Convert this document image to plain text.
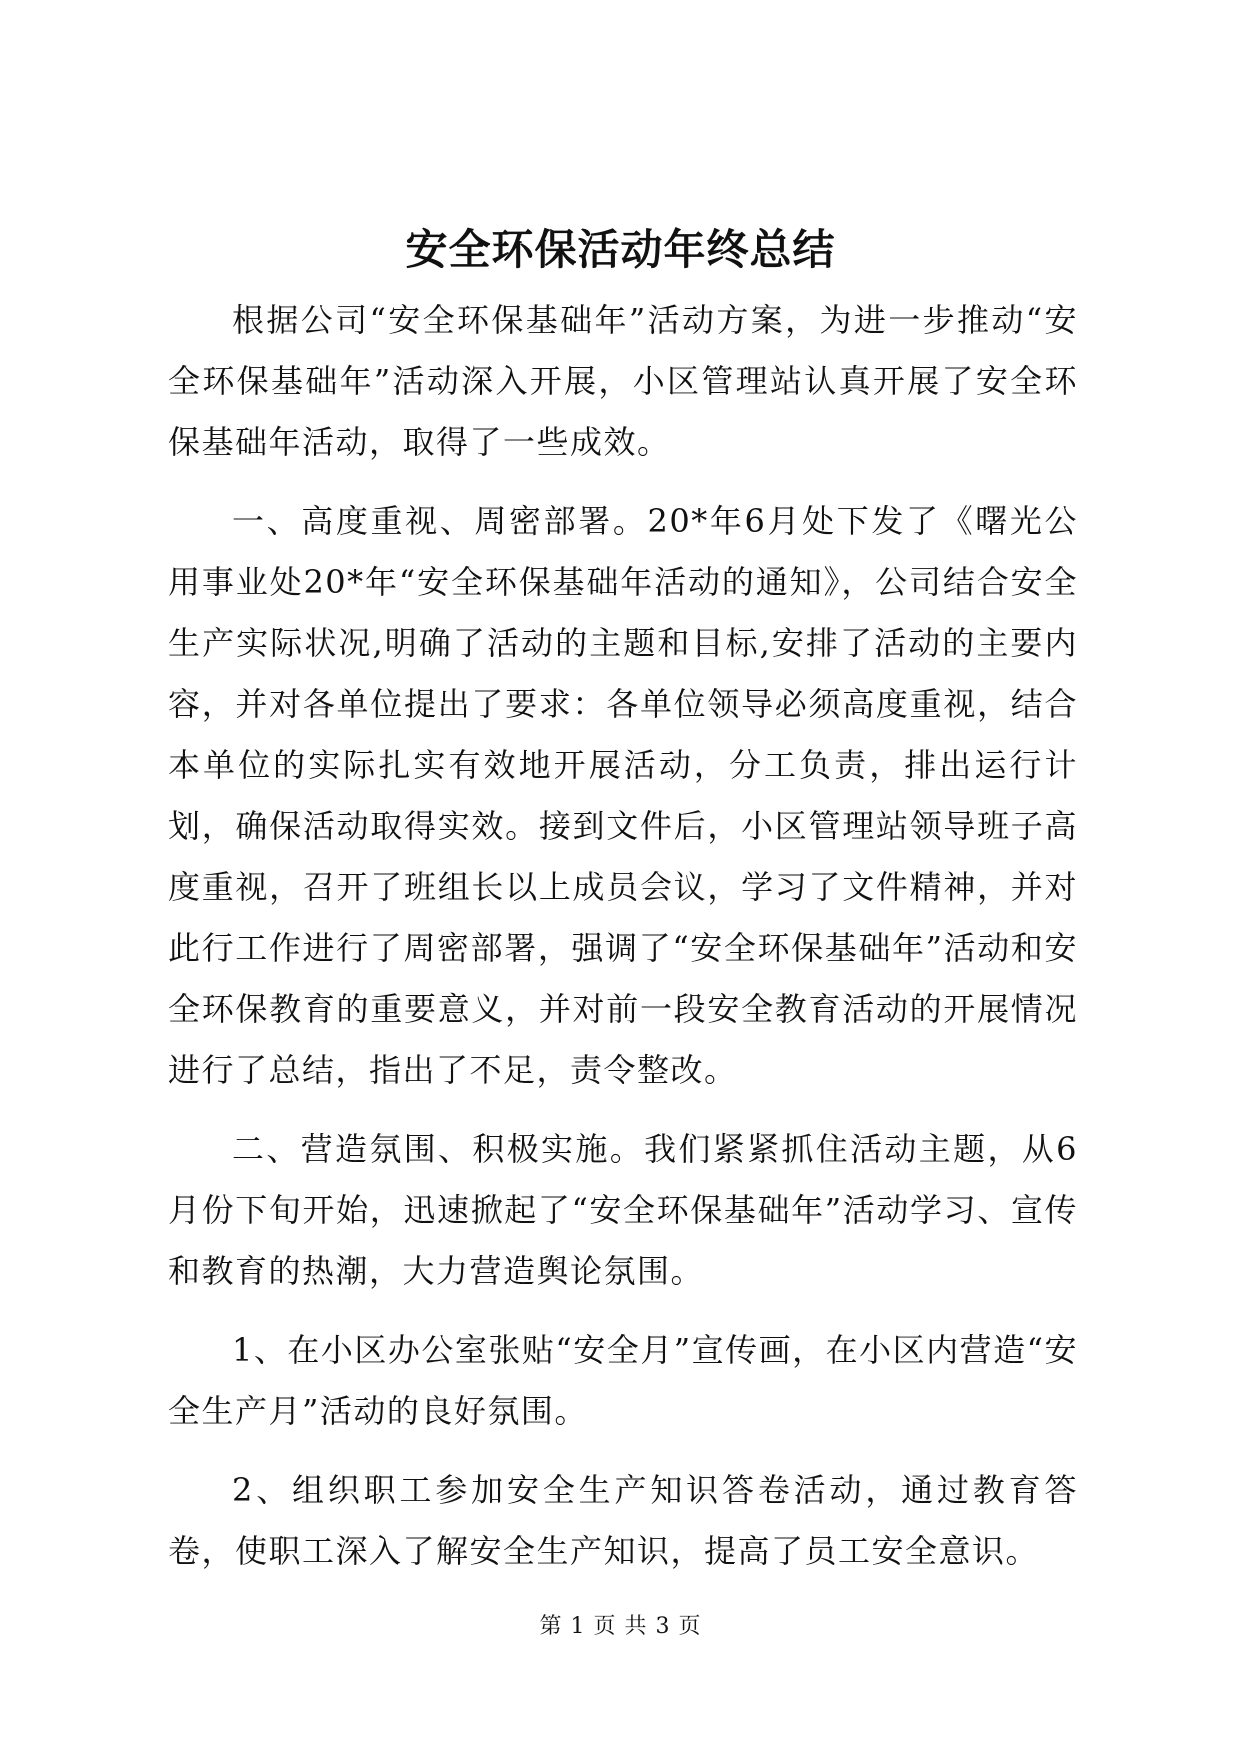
安全环保活动年终总结

根据公司“安全环保基础年”活动方案，为进一步推动“安全环保基础年”活动深入开展，小区管理站认真开展了安全环保基础年活动，取得了一些成效。

一、高度重视、周密部署。20*年6月处下发了《曙光公用事业处20*年“安全环保基础年活动的通知》，公司结合安全生产实际状况,明确了活动的主题和目标,安排了活动的主要内容，并对各单位提出了要求：各单位领导必须高度重视，结合本单位的实际扎实有效地开展活动，分工负责，排出运行计划，确保活动取得实效。接到文件后，小区管理站领导班子高度重视，召开了班组长以上成员会议，学习了文件精神，并对此行工作进行了周密部署，强调了“安全环保基础年”活动和安全环保教育的重要意义，并对前一段安全教育活动的开展情况进行了总结，指出了不足，责令整改。

二、营造氛围、积极实施。我们紧紧抓住活动主题，从6月份下旬开始，迅速掀起了“安全环保基础年”活动学习、宣传和教育的热潮，大力营造舆论氛围。

1、在小区办公室张贴“安全月”宣传画，在小区内营造“安全生产月”活动的良好氛围。

2、组织职工参加安全生产知识答卷活动，通过教育答卷，使职工深入了解安全生产知识，提高了员工安全意识。

第 1 页 共 3 页
